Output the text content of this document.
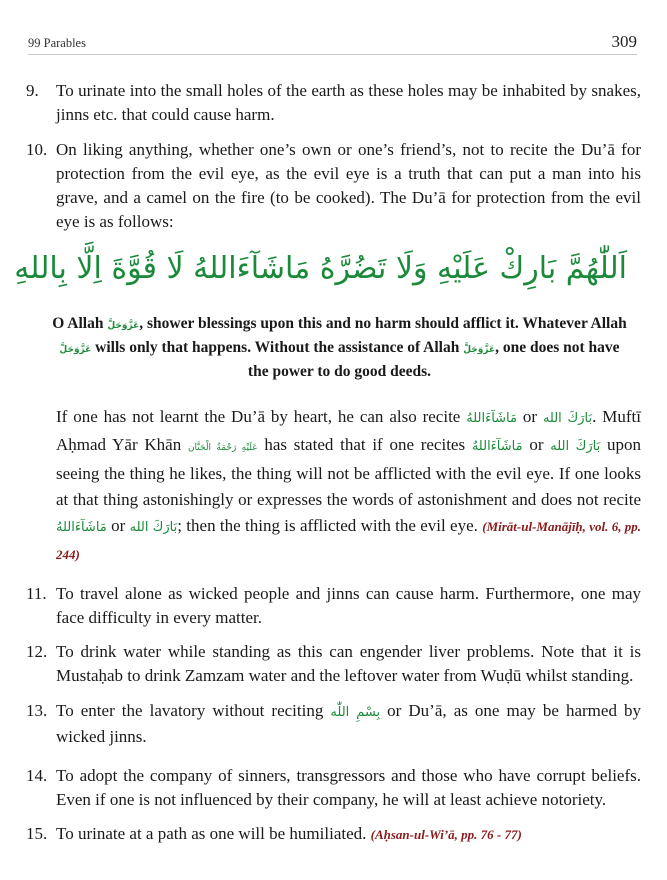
99 Parables	309
9.	To urinate into the small holes of the earth as these holes may be inhabited by snakes, jinns etc. that could cause harm.
10. On liking anything, whether one’s own or one’s friend’s, not to recite the Du’ā for protection from the evil eye, as the evil eye is a truth that can put a man into his grave, and a camel on the fire (to be cooked). The Du’ā for protection from the evil eye is as follows:
اَللّٰهُمَّ بَارِكْ عَلَيْهِ وَلَا تَضُرَّهُ مَاشَآءَاللهُ لَا قُوَّةَ اِلَّا بِاللهِ
O Allah عَزَّوَجَلَّ, shower blessings upon this and no harm should afflict it. Whatever Allah عَزَّوَجَلَّ wills only that happens. Without the assistance of Allah عَزَّوَجَلَّ, one does not have the power to do good deeds.
If one has not learnt the Du’ā by heart, he can also recite مَاشَآءَاللهُ or بَارَكَ الله. Muftī Aḥmad Yār Khān عَلَيْهِ رَحْمَةُ الْحَنَّان has stated that if one recites مَاشَآءَاللهُ or بَارَكَ الله upon seeing the thing he likes, the thing will not be afflicted with the evil eye. If one looks at that thing astonishingly or expresses the words of astonishment and does not recite مَاشَآءَاللهُ or بَارَكَ الله; then the thing is afflicted with the evil eye. (Mirāt-ul-Manājīḥ, vol. 6, pp. 244)
11. To travel alone as wicked people and jinns can cause harm. Furthermore, one may face difficulty in every matter.
12. To drink water while standing as this can engender liver problems. Note that it is Mustaḥab to drink Zamzam water and the leftover water from Wuḍū whilst standing.
13. To enter the lavatory without reciting بِسْمِ اللّٰه or Du’ā, as one may be harmed by wicked jinns.
14. To adopt the company of sinners, transgressors and those who have corrupt beliefs. Even if one is not influenced by their company, he will at least achieve notoriety.
15. To urinate at a path as one will be humiliated. (Aḥsan-ul-Wi’ā, pp. 76 - 77)
